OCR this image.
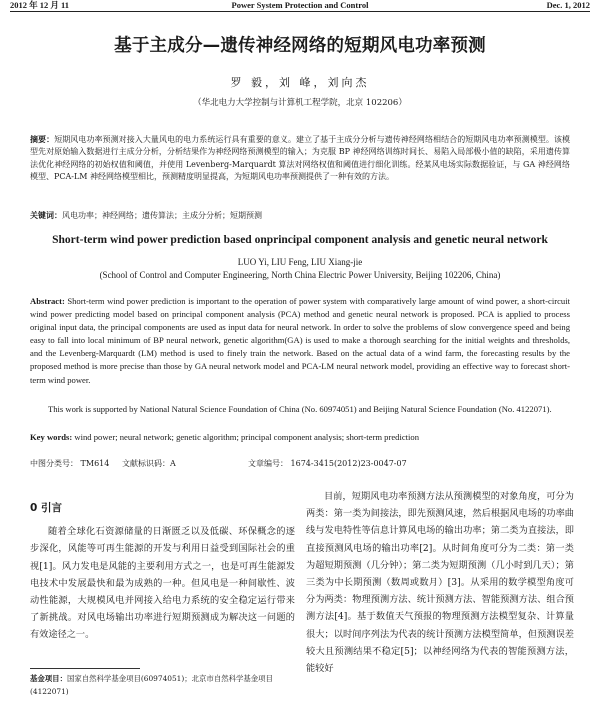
2012 年 12 月 11	Power System Protection and Control	Dec. 1, 2012
基于主成分—遗传神经网络的短期风电功率预测
罗 毅，刘 峰，刘向杰
（华北电力大学控制与计算机工程学院，北京 102206）
摘要：短期风电功率预测对接入大量风电的电力系统运行具有重要的意义。建立了基于主成分分析与遗传神经网络相结合的短期风电功率预测模型。该模型先对原始输入数据进行主成分分析，分析结果作为神经网络预测模型的输入；为克服 BP 神经网络训练时间长、易陷入局部极小值的缺陷，采用遗传算法优化神经网络的初始权值和阈值，并使用 Levenberg-Marquardt 算法对网络权值和阈值进行细化训练。经某风电场实际数据验证，与 GA 神经网络模型、PCA-LM 神经网络模型相比，预测精度明显提高，为短期风电功率预测提供了一种有效的方法。
关键词：风电功率；神经网络；遗传算法；主成分分析；短期预测
Short-term wind power prediction based onprincipal component analysis and genetic neural network
LUO Yi, LIU Feng, LIU Xiang-jie
(School of Control and Computer Engineering, North China Electric Power University, Beijing 102206, China)
Abstract: Short-term wind power prediction is important to the operation of power system with comparatively large amount of wind power, a short-circuit wind power predicting model based on principal component analysis (PCA) method and genetic neural network is proposed. PCA is applied to process original input data, the principal components are used as input data for neural network. In order to solve the problems of slow convergence speed and being easy to fall into local minimum of BP neural network, genetic algorithm(GA) is used to make a thorough searching for the initial weights and thresholds, and the Levenberg-Marquardt (LM) method is used to finely train the network. Based on the actual data of a wind farm, the forecasting results by the proposed method is more precise than those by GA neural network model and PCA-LM neural network model, providing an effective way to forecast short-term wind power.
This work is supported by National Natural Science Foundation of China (No. 60974051) and Beijing Natural Science Foundation (No. 4122071).
Key words: wind power; neural network; genetic algorithm; principal component analysis; short-term prediction
中图分类号： TM614 文献标识码：A	文章编号： 1674-3415(2012)23-0047-07
0 引言
随着全球化石资源储量的日渐匮乏以及低碳、环保概念的逐步深化，风能等可再生能源的开发与利用日益受到国际社会的重视[1]。风力发电是风能的主要利用方式之一，也是可再生能源发电技术中发展最快和最为成熟的一种。但风电是一种间歇性、波动性能源，大规模风电并网接入给电力系统的安全稳定运行带来了新挑战。对风电场输出功率进行短期预测成为解决这一问题的有效途径之一。
目前，短期风电功率预测方法从预测模型的对象角度，可分为两类：第一类为间接法，即先预测风速，然后根据风电场的功率曲线与发电特性等信息计算风电场的输出功率；第二类为直接法，即直接预测风电场的输出功率[2]。从时间角度可分为二类：第一类为超短期预测（几分钟）；第二类为短期预测（几小时到几天）；第三类为中长期预测（数周或数月）[3]。从采用的数学模型角度可分为两类：物理预测方法、统计预测方法、智能预测方法、组合预测方法[4]。基于数值天气预报的物理预测方法模型复杂、计算量很大；以时间序列法为代表的统计预测方法模型简单，但预测误差较大且预测结果不稳定[5]；以神经网络为代表的智能预测方法，能较好
基金项目：国家自然科学基金项目(60974051)；北京市自然科学基金项目(4122071)
